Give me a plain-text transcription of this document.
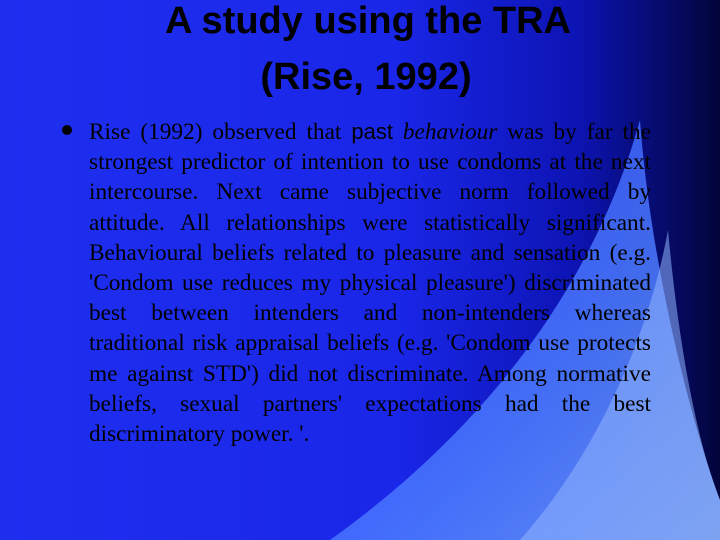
A study using the TRA
(Rise, 1992)
Rise (1992) observed that past behaviour was by far the strongest predictor of intention to use condoms at the next intercourse. Next came subjective norm followed by attitude. All relationships were statistically significant. Behavioural beliefs related to pleasure and sensation (e.g. 'Condom use reduces my physical pleasure') discriminated best between intenders and non-intenders whereas traditional risk appraisal beliefs (e.g. 'Condom use protects me against STD') did not discriminate. Among normative beliefs, sexual partners' expectations had the best discriminatory power. '.
